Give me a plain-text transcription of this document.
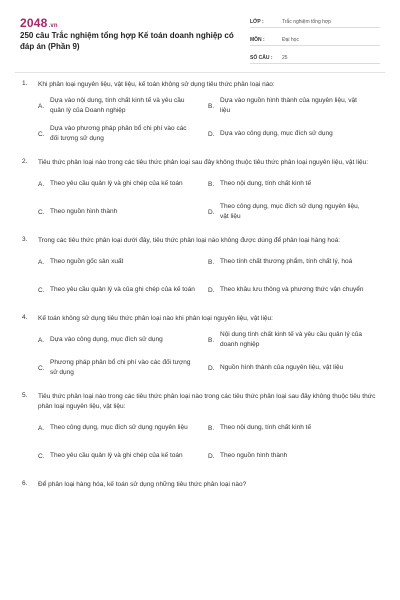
2048.vn
250 câu Trắc nghiệm tổng hợp Kế toán doanh nghiệp có đáp án (Phần 9)
LỚP :	Trắc nghiệm tổng hợp
MÔN :	Đại học
SỐ CÂU :	25
1. Khi phân loại nguyên liệu, vật liệu, kế toán không sử dụng tiêu thức phân loại nào:
A.
Dựa vào nội dung, tính chất kinh tế và yêu cầu quản lý của Doanh nghiệp
B.
Dựa vào nguồn hình thành của nguyên liệu, vật liệu
C.
Dựa vào phương pháp phân bổ chi phí vào các đối tượng sử dụng
D. Dựa vào công dụng, mục đích sử dụng
2. Tiêu thức phân loại nào trong các tiêu thức phân loại sau đây không thuộc tiêu thức phân loại nguyên liệu, vật liệu:
A. Theo yêu cầu quản lý và ghi chép của kế toán	B. Theo nội dung, tính chất kinh tế
C. Theo nguồn hình thành	D.
Theo công dụng, mục đích sử dụng nguyên liệu, vật liệu
3. Trong các tiêu thức phân loại dưới đây, tiêu thức phân loại nào không được dùng để phân loại hàng hoá:
A. Theo nguồn gốc sản xuất	B. Theo tính chất thương phẩm, tính chất lý, hoá
C. Theo yêu cầu quản lý và của ghi chép của kế toán	D. Theo khâu lưu thông và phương thức vận chuyển
4. Kế toán không sử dụng tiêu thức phân loại nào khi phân loại nguyên liệu, vật liệu:
A. Dựa vào công dụng, mục đích sử dụng	B.
Nội dung tính chất kinh tế và yêu cầu quản lý của doanh nghiệp
C.
Phương pháp phân bổ chi phí vào các đối tượng sử dụng
D. Nguồn hình thành của nguyên liệu, vật liệu
5. Tiêu thức phân loại nào trong các tiêu thức phân loại nào trong các tiêu thức phân loại sau đây không thuộc tiêu thức phân loại nguyên liệu, vật liệu:
A. Theo công dụng, mục đích sử dụng nguyên liệu	B. Theo nội dung, tính chất kinh tế
C. Theo yêu cầu quản lý và ghi chép của kế toán	D. Theo nguồn hình thành
6. Để phân loại hàng hóa, kế toán sử dụng những tiêu thức phân loại nào?
